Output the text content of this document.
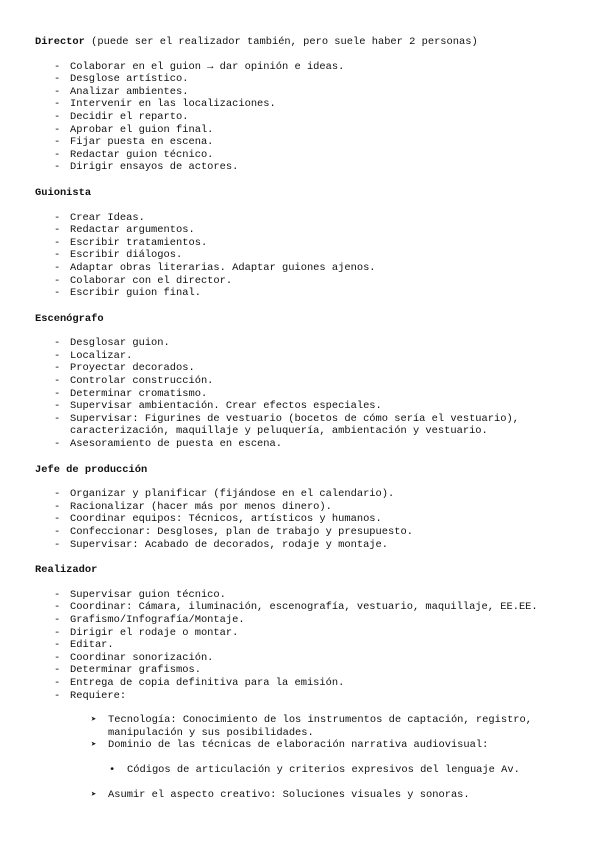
Director (puede ser el realizador también, pero suele haber 2 personas)
- Colaborar en el guion → dar opinión e ideas.
- Desglose artístico.
- Analizar ambientes.
- Intervenir en las localizaciones.
- Decidir el reparto.
- Aprobar el guion final.
- Fijar puesta en escena.
- Redactar guion técnico.
- Dirigir ensayos de actores.
Guionista
- Crear Ideas.
- Redactar argumentos.
- Escribir tratamientos.
- Escribir diálogos.
- Adaptar obras literarias. Adaptar guiones ajenos.
- Colaborar con el director.
- Escribir guion final.
Escenógrafo
- Desglosar guion.
- Localizar.
- Proyectar decorados.
- Controlar construcción.
- Determinar cromatismo.
- Supervisar ambientación. Crear efectos especiales.
- Supervisar: Figurines de vestuario (bocetos de cómo sería el vestuario),
caracterización, maquillaje y peluquería, ambientación y vestuario.
- Asesoramiento de puesta en escena.
Jefe de producción
- Organizar y planificar (fijándose en el calendario).
- Racionalizar (hacer más por menos dinero).
- Coordinar equipos: Técnicos, artísticos y humanos.
- Confeccionar: Desgloses, plan de trabajo y presupuesto.
- Supervisar: Acabado de decorados, rodaje y montaje.
Realizador
- Supervisar guion técnico.
- Coordinar: Cámara, iluminación, escenografía, vestuario, maquillaje, EE.EE.
- Grafismo/Infografía/Montaje.
- Dirigir el rodaje o montar.
- Editar.
- Coordinar sonorización.
- Determinar grafismos.
- Entrega de copia definitiva para la emisión.
- Requiere:
➤ Tecnología: Conocimiento de los instrumentos de captación, registro,
manipulación y sus posibilidades.
➤ Dominio de las técnicas de elaboración narrativa audiovisual:
• Códigos de articulación y criterios expresivos del lenguaje Av.
➤ Asumir el aspecto creativo: Soluciones visuales y sonoras.
